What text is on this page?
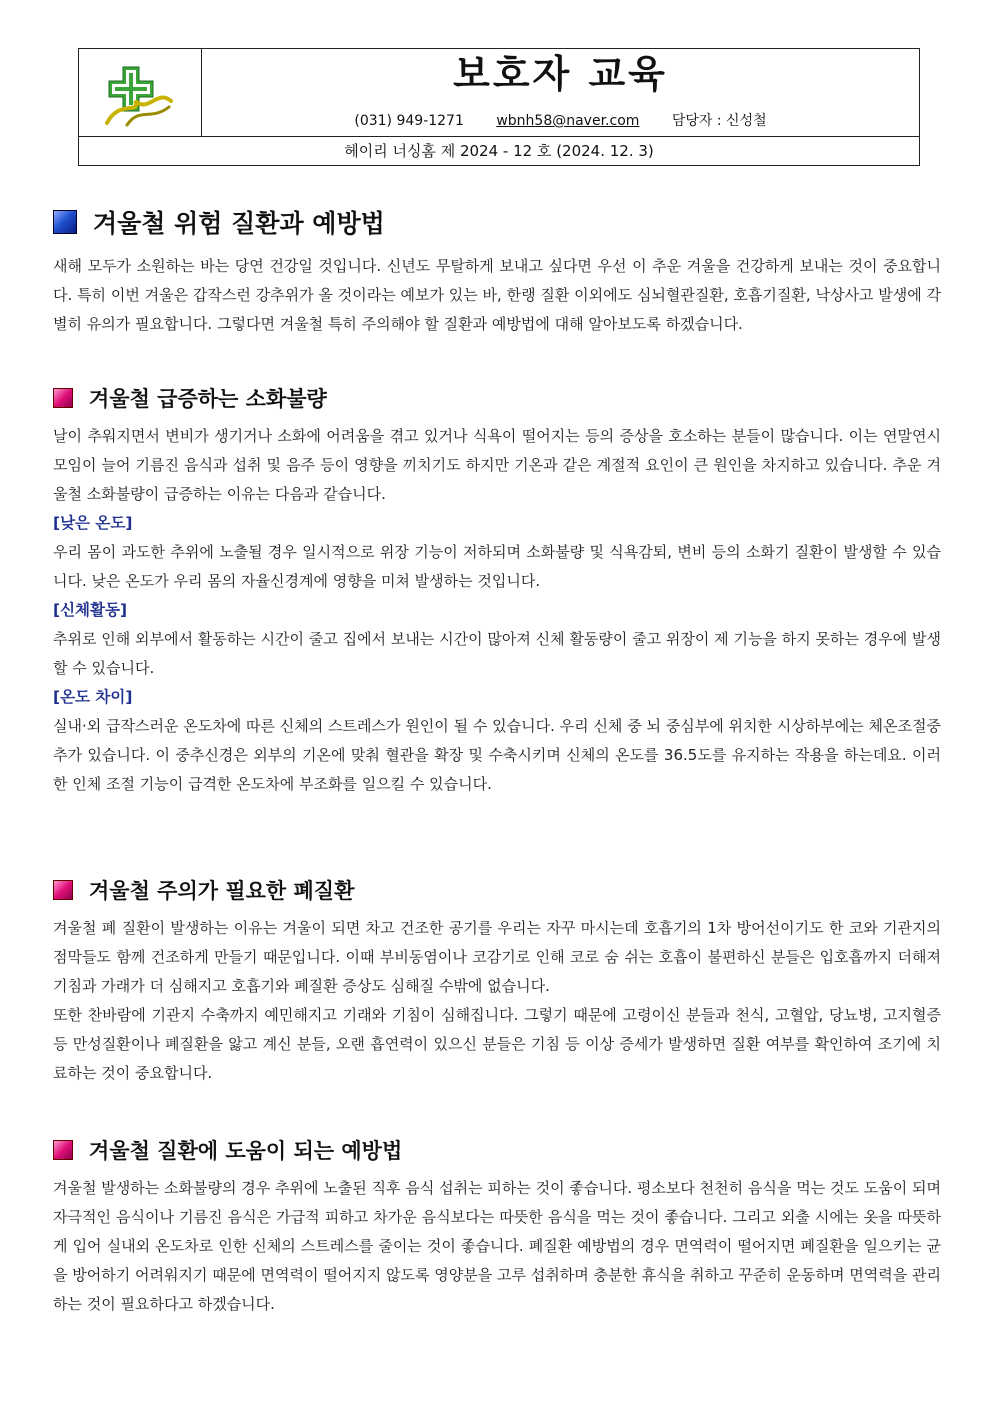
보호자 교육
(031) 949-1271 wbnh58@naver.com 담당자 : 신성철
헤이리 너싱홈 제 2024 - 12 호 (2024. 12. 3)
겨울철 위험 질환과 예방법

새해 모두가 소원하는 바는 당연 건강일 것입니다. 신년도 무탈하게 보내고 싶다면 우선 이 추운 겨울을 건강하게 보내는 것이 중요합니다. 특히 이번 겨울은 갑작스런 강추위가 올 것이라는 예보가 있는 바, 한랭 질환 이외에도 심뇌혈관질환, 호흡기질환, 낙상사고 발생에 각별히 유의가 필요합니다. 그렇다면 겨울철 특히 주의해야 할 질환과 예방법에 대해 알아보도록 하겠습니다.

겨울철 급증하는 소화불량

날이 추워지면서 변비가 생기거나 소화에 어려움을 겪고 있거나 식욕이 떨어지는 등의 증상을 호소하는 분들이 많습니다. 이는 연말연시 모임이 늘어 기름진 음식과 섭취 및 음주 등이 영향을 끼치기도 하지만 기온과 같은 계절적 요인이 큰 원인을 차지하고 있습니다. 추운 겨울철 소화불량이 급증하는 이유는 다음과 같습니다.

[낮은 온도]

우리 몸이 과도한 추위에 노출될 경우 일시적으로 위장 기능이 저하되며 소화불량 및 식욕감퇴, 변비 등의 소화기 질환이 발생할 수 있습니다. 낮은 온도가 우리 몸의 자율신경계에 영향을 미쳐 발생하는 것입니다.

[신체활동]

추위로 인해 외부에서 활동하는 시간이 줄고 집에서 보내는 시간이 많아져 신체 활동량이 줄고 위장이 제 기능을 하지 못하는 경우에 발생할 수 있습니다.

[온도 차이]

실내·외 급작스러운 온도차에 따른 신체의 스트레스가 원인이 될 수 있습니다. 우리 신체 중 뇌 중심부에 위치한 시상하부에는 체온조절중추가 있습니다. 이 중추신경은 외부의 기온에 맞춰 혈관을 확장 및 수축시키며 신체의 온도를 36.5도를 유지하는 작용을 하는데요. 이러한 인체 조절 기능이 급격한 온도차에 부조화를 일으킬 수 있습니다.

겨울철 주의가 필요한 폐질환

겨울철 폐 질환이 발생하는 이유는 겨울이 되면 차고 건조한 공기를 우리는 자꾸 마시는데 호흡기의 1차 방어선이기도 한 코와 기관지의 점막들도 함께 건조하게 만들기 때문입니다. 이때 부비동염이나 코감기로 인해 코로 숨 쉬는 호흡이 불편하신 분들은 입호흡까지 더해져 기침과 가래가 더 심해지고 호흡기와 폐질환 증상도 심해질 수밖에 없습니다.

또한 찬바람에 기관지 수축까지 예민해지고 기래와 기침이 심해집니다. 그렇기 때문에 고령이신 분들과 천식, 고혈압, 당뇨병, 고지혈증 등 만성질환이나 폐질환을 앓고 계신 분들, 오랜 흡연력이 있으신 분들은 기침 등 이상 증세가 발생하면 질환 여부를 확인하여 조기에 치료하는 것이 중요합니다.

겨울철 질환에 도움이 되는 예방법

겨울철 발생하는 소화불량의 경우 추위에 노출된 직후 음식 섭취는 피하는 것이 좋습니다. 평소보다 천천히 음식을 먹는 것도 도움이 되며 자극적인 음식이나 기름진 음식은 가급적 피하고 차가운 음식보다는 따뜻한 음식을 먹는 것이 좋습니다. 그리고 외출 시에는 옷을 따뜻하게 입어 실내외 온도차로 인한 신체의 스트레스를 줄이는 것이 좋습니다. 폐질환 예방법의 경우 면역력이 떨어지면 폐질환을 일으키는 균을 방어하기 어려워지기 때문에 면역력이 떨어지지 않도록 영양분을 고루 섭취하며 충분한 휴식을 취하고 꾸준히 운동하며 면역력을 관리하는 것이 필요하다고 하겠습니다.
